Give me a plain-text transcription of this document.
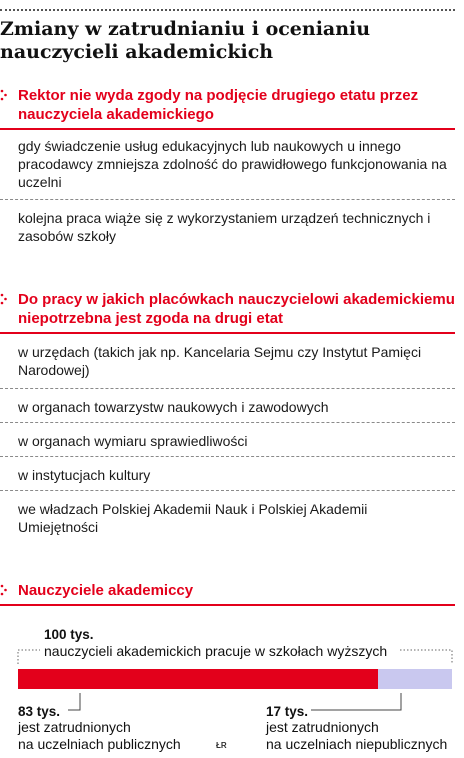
Zmiany w zatrudnianiu i ocenianiu nauczycieli akademickich
Rektor nie wyda zgody na podjęcie drugiego etatu przez nauczyciela akademickiego
gdy świadczenie usług edukacyjnych lub naukowych u innego pracodawcy zmniejsza zdolność do prawidłowego funkcjonowania na uczelni
kolejna praca wiąże się z wykorzystaniem urządzeń technicznych i zasobów szkoły
Do pracy w jakich placówkach nauczycielowi akademickiemu niepotrzebna jest zgoda na drugi etat
w urzędach (takich jak np. Kancelaria Sejmu czy Instytut Pamięci Narodowej)
w organach towarzystw naukowych i zawodowych
w organach wymiaru sprawiedliwości
w instytucjach kultury
we władzach Polskiej Akademii Nauk i Polskiej Akademii Umiejętności
Nauczyciele akademiccy
100 tys.
nauczycieli akademickich pracuje w szkołach wyższych
83 tys.
jest zatrudnionych
na uczelniach publicznych
17 tys.
jest zatrudnionych
na uczelniach niepublicznych
ŁR
